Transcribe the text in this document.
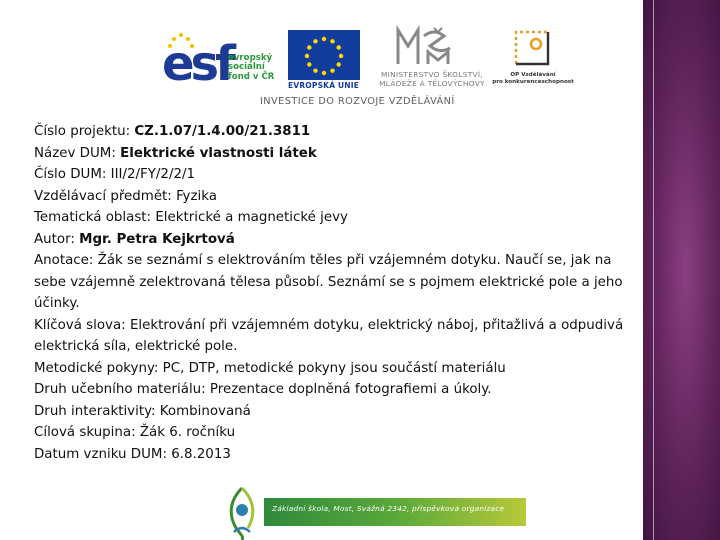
esf
evropský
sociální
fond v ČR
EVROPSKÁ UNIE
MINISTERSTVO ŠKOLSTVÍ,
MLÁDEŽE A TĚLOVÝCHOVY
OP Vzdělávání
pro konkurenceschopnost
INVESTICE DO ROZVOJE VZDĚLÁVÁNÍ
Číslo projektu: CZ.1.07/1.4.00/21.3811
Název DUM: Elektrické vlastnosti látek
Číslo DUM: III/2/FY/2/2/1
Vzdělávací předmět: Fyzika
Tematická oblast: Elektrické a magnetické jevy
Autor: Mgr. Petra Kejkrtová
Anotace: Žák se seznámí s elektrováním těles při vzájemném dotyku. Naučí se, jak na sebe vzájemně zelektrovaná tělesa působí. Seznámí se s pojmem elektrické pole a jeho účinky.
Klíčová slova: Elektrování při vzájemném dotyku, elektrický náboj, přitažlivá a odpudivá elektrická síla, elektrické pole.
Metodické pokyny: PC, DTP, metodické pokyny jsou součástí materiálu
Druh učebního materiálu: Prezentace doplněná fotografiemi a úkoly.
Druh interaktivity: Kombinovaná
Cílová skupina: Žák 6. ročníku
Datum vzniku DUM: 6.8.2013
Základní škola, Most, Svážná 2342, příspěvková organizace
